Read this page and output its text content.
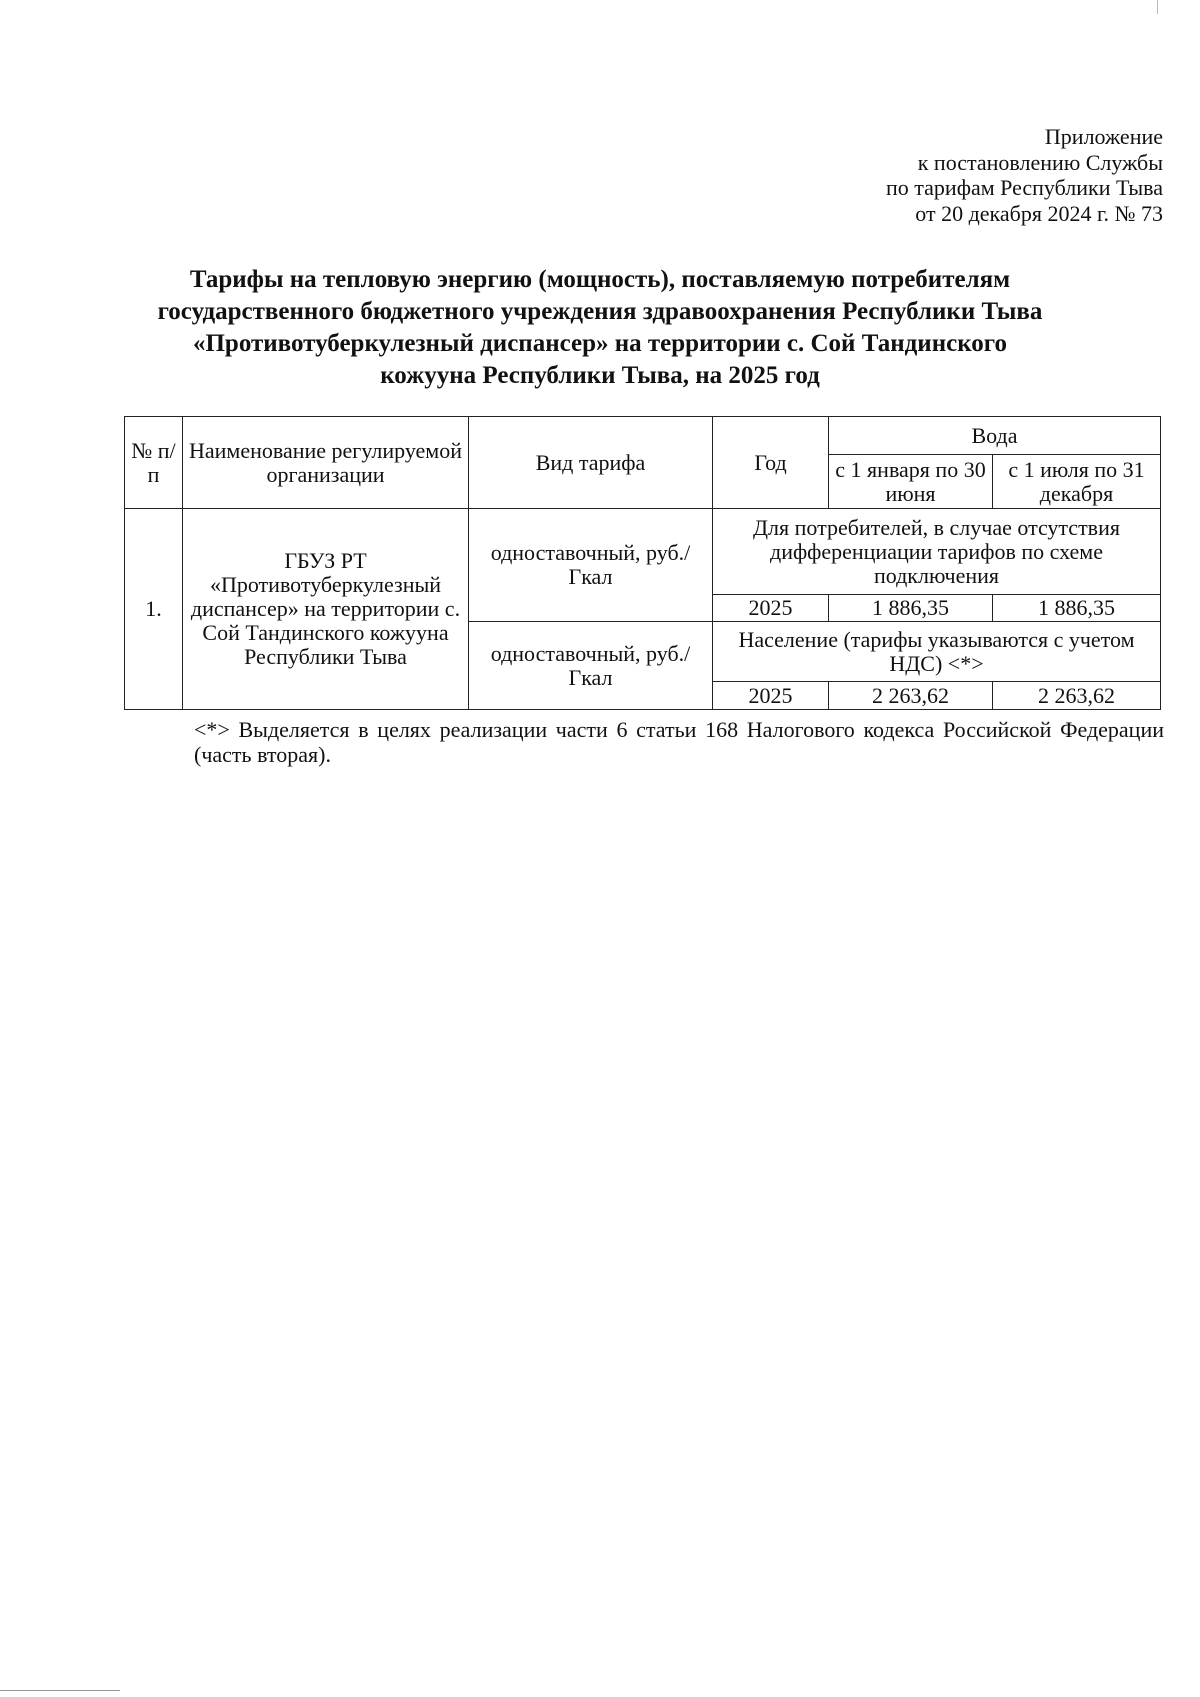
Приложение
к постановлению Службы
по тарифам Республики Тыва
от 20 декабря 2024 г. № 73
Тарифы на тепловую энергию (мощность), поставляемую потребителям
государственного бюджетного учреждения здравоохранения Республики Тыва
«Противотуберкулезный диспансер» на территории с. Сой Тандинского
кожууна Республики Тыва, на 2025 год
№ п/п	Наименование регулируемой организации	Вид тарифа	Год	Вода	
				с 1 января по 30 июня	с 1 июля по 31 декабря
1.	ГБУЗ РТ «Противотуберкулезный диспансер» на территории с. Сой Тандинского кожууна Республики Тыва	одноставочный, руб./Гкал	Для потребителей, в случае отсутствия дифференциации тарифов по схеме подключения		
			2025	1 886,35	1 886,35
		одноставочный, руб./Гкал	Население (тарифы указываются с учетом НДС) <*>		
			2025	2 263,62	2 263,62
<*> Выделяется в целях реализации части 6 статьи 168 Налогового кодекса Российской Федерации (часть вторая).
